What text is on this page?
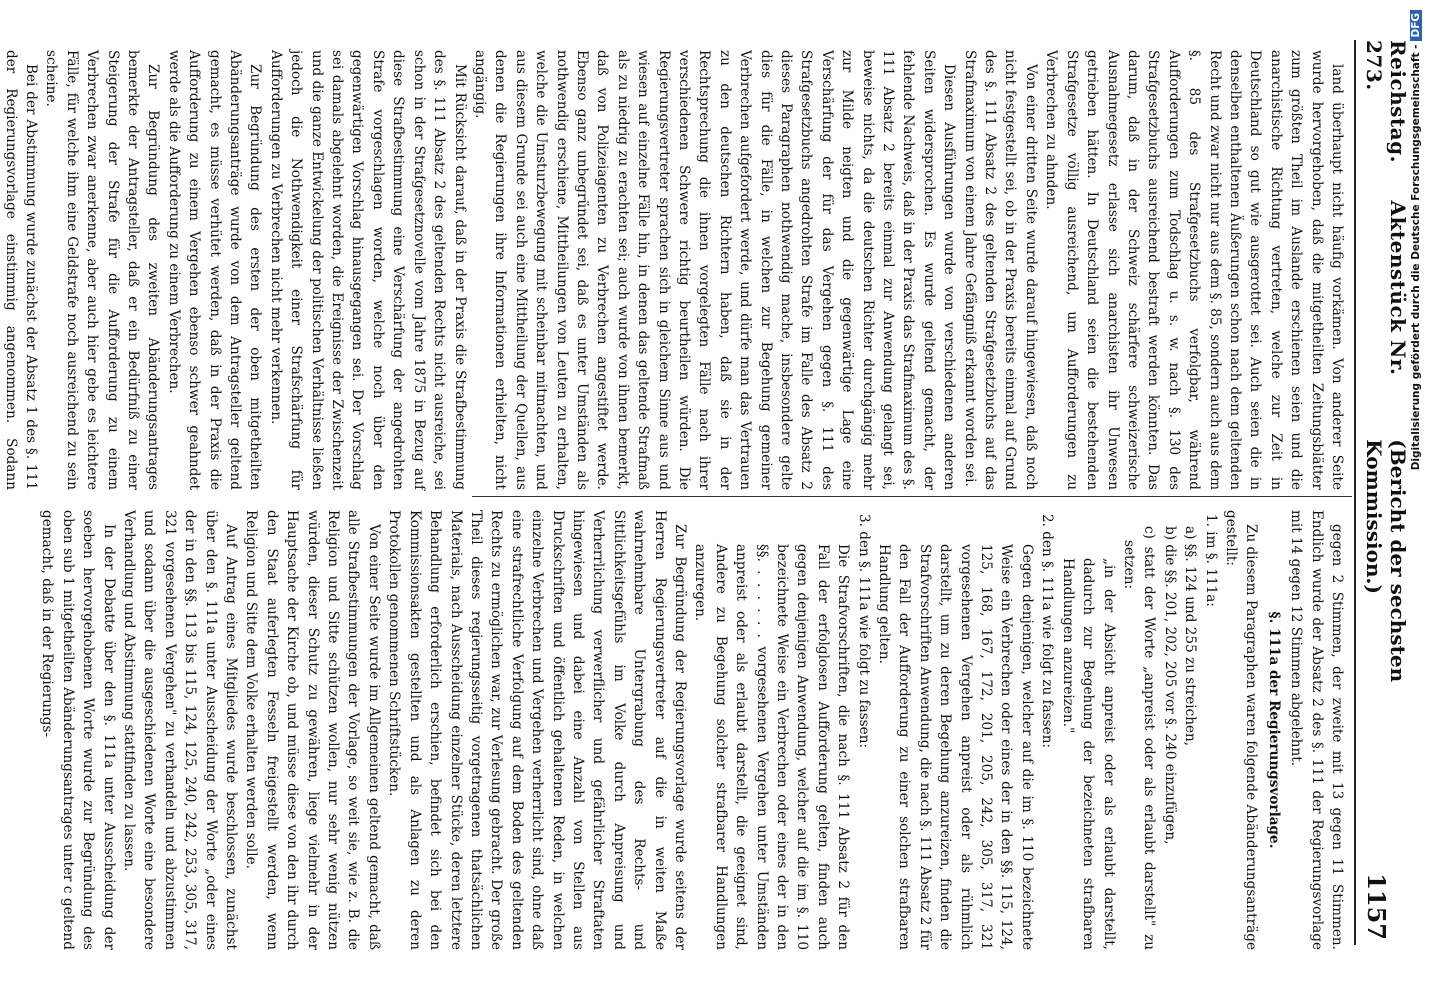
Reichstag. Aktenstück Nr. 273.
(Bericht der sechsten Kommission.)
1157

land überhaupt nicht häufig vorkämen. Von anderer Seite wurde hervorgehoben, daß die mitgetheilten Zeitungsblätter zum größten Theil im Auslande erschienen seien und die anarchistische Richtung vertreten, welche zur Zeit in Deutschland so gut wie ausgerottet sei. Auch seien die in denselben enthaltenen Äußerungen schon nach dem geltenden Recht und zwar nicht nur aus dem §. 85, sondern auch aus dem §. 85 des Strafgesetzbuchs verfolgbar, während Aufforderungen zum Todschlag u. s. w. nach §. 130 des Strafgesetzbuchs ausreichend bestraft werden könnten. Das darum, daß in der Schweiz schärfere schweizerische Ausnahmegesetz erlasse sich anarchisten ihr Unwesen getrieben hätten. In Deutschland seien die bestehenden Strafgesetze völlig ausreichend, um Aufforderungen zu Verbrechen zu ahnden.

Von einer dritten Seite wurde darauf hingewiesen, daß noch nicht festgestellt sei, ob in der Praxis bereits einmal auf Grund des §. 111 Absatz 2 des geltenden Strafgesetzbuchs auf das Strafmaximum von einem Jahre Gefängniß erkannt worden sei.

Diesen Ausführungen wurde von verschiedenen anderen Seiten widersprochen. Es wurde geltend gemacht, der fehlende Nachweis, daß in der Praxis das Strafmaximum des §. 111 Absatz 2 bereits einmal zur Anwendung gelangt sei, beweise nichts, da die deutschen Richter durchgängig mehr zur Milde neigten und die gegenwärtige Lage eine Verschärfung der für das Vergehen gegen §. 111 des Strafgesetzbuchs angedrohten Strafe im Falle des Absatz 2 dieses Paragraphen nothwendig mache, insbesondere gelte dies für die Fälle, in welchen zur Begehung gemeiner Verbrechen aufgefordert werde, und dürfe man das Vertrauen zu den deutschen Richtern haben, daß sie in der Rechtsprechung die ihnen vorgelegten Fälle nach ihrer verschiedenen Schwere richtig beurtheilen würden. Die Regierungsvertreter sprachen sich in gleichem Sinne aus und wiesen auf einzelne Fälle hin, in denen das geltende Strafmaß als zu niedrig zu erachten sei; auch wurde von ihnen bemerkt, daß von Polizeiagenten zu Verbrechen angestiftet werde. Ebenso ganz unbegründet sei, daß es unter Umständen als nothwendig erschiene, Mittheilungen von Leuten zu erhalten, welche die Umsturzbewegung mit scheinbar mitmachten, und aus diesem Grunde sei auch eine Mittheilung der Quellen, aus denen die Regierungen ihre Informationen erhielten, nicht angängig.

Mit Rücksicht darauf, daß in der Praxis die Strafbestimmung des §. 111 Absatz 2 des geltenden Rechts nicht ausreiche, sei schon in der Strafgesetznovelle vom Jahre 1875 in Bezug auf diese Strafbestimmung eine Verschärfung der angedrohten Strafe vorgeschlagen worden, welche noch über den gegenwärtigen Vorschlag hinausgegangen sei. Der Vorschlag sei damals abgelehnt worden, die Ereignisse der Zwischenzeit und die ganze Entwickelung der politischen Verhältnisse ließen jedoch die Nothwendigkeit einer Strafschärfung für Aufforderungen zu Verbrechen nicht mehr verkennen.

Zur Begründung des ersten der oben mitgetheilten Abänderungsanträge wurde von dem Antragsteller geltend gemacht, es müsse verhütet werden, daß in der Praxis die Aufforderung zu einem Vergehen ebenso schwer geahndet werde als die Aufforderung zu einem Verbrechen.

Zur Begründung des zweiten Abänderungsantrages bemerkte der Antragsteller, daß er ein Bedürfniß zu einer Steigerung der Strafe für die Aufforderung zu einem Verbrechen zwar anerkenne, aber auch hier gebe es leichtere Fälle, für welche ihm eine Geldstrafe noch ausreichend zu sein scheine.

Bei der Abstimmung wurde zunächst der Absatz 1 des §. 111 der Regierungsvorlage einstimmig angenommen. Sodann

gegen 2 Stimmen, der zweite mit 13 gegen 11 Stimmen. Endlich wurde der Absatz 2 des §. 111 der Regierungsvorlage mit 14 gegen 12 Stimmen abgelehnt.

§. 111a der Regierungsvorlage.

Zu diesem Paragraphen waren folgende Abänderungsanträge gestellt:

1. im §. 111a:

a) §§. 124 und 255 zu streichen,

b) die §§. 201, 202, 205 vor §. 240 einzufügen,

c) statt der Worte „anpreist oder als erlaubt darstellt" zu setzen:

„in der Absicht anpreist oder als erlaubt darstellt, dadurch zur Begehung der bezeichneten strafbaren Handlungen anzureizen."

2. den §. 111a wie folgt zu fassen:

Gegen denjenigen, welcher auf die im §. 110 bezeichnete Weise ein Verbrechen oder eines der in den §§. 115, 124, 125, 168, 167, 172, 201, 205, 242, 305, 317, 321 vorgesehenen Vergehen anpreist oder als rühmlich darstellt, um zu deren Begehung anzureizen, finden die Strafvorschriften Anwendung, die nach §. 111 Absatz 2 für den Fall der Aufforderung zu einer solchen strafbaren Handlung gelten.

3. den §. 111a wie folgt zu fassen:

Die Strafvorschriften, die nach §. 111 Absatz 2 für den Fall der erfolglosen Aufforderung gelten, finden auch gegen denjenigen Anwendung, welcher auf die im §. 110 bezeichnete Weise ein Verbrechen oder eines der in den §§. . . . . . . vorgesehenen Vergehen unter Umständen anpreist oder als erlaubt darstellt, die geeignet sind, Andere zu Begehung solcher strafbarer Handlungen anzuregen.

Zur Begründung der Regierungsvorlage wurde seitens der Herren Regierungsvertreter auf die in weiten Maße wahrnehmbare Untergrabung des Rechts- und Sittlichkeitsgefühls im Volke durch Anpreisung und Verherrlichung verwerflicher und gefährlicher Straftaten hingewiesen und dabei eine Anzahl von Stellen aus Druckschriften und öffentlich gehaltenen Reden, in welchen einzelne Verbrechen und Vergehen verherrlicht sind, ohne daß eine strafrechtliche Verfolgung auf dem Boden des geltenden Rechts zu ermöglichen war, zur Verlesung gebracht. Der große Theil dieses regierungsseitig vorgetragenen thatsächlichen Materials, nach Ausscheidung einzelner Stücke, deren letztere Behandlung erforderlich erschien, befindet sich bei den Kommissionsakten gestellten und als Anlagen zu deren Protokollen genommenen Schriftstücken.

Von einer Seite wurde im Allgemeinen geltend gemacht, daß alle Strafbestimmungen der Vorlage, so weit sie, wie z. B. die Religion und Sitte schützen wollen, nur sehr wenig nützen würden, dieser Schutz zu gewähren, liege vielmehr in der Hauptsache der Kirche ob, und müsse diese von den ihr durch den Staat auferlegten Fesseln freigestellt werden, wenn Religion und Sitte dem Volke erhalten werden solle.

Auf Antrag eines Mitgliedes wurde beschlossen, zunächst über den §. 111a unter Ausscheidung der Worte „oder eines der in den §§. 113 bis 115, 124, 125, 240, 242, 253, 305, 317, 321 vorgesehenen Vergehen" zu verhandeln und abzustimmen und sodann über die ausgeschiedenen Worte eine besondere Verhandlung und Abstimmung stattfinden zu lassen.

In der Debatte über den §. 111a unter Ausscheidung der soeben hervorgehobenen Worte wurde zur Begründung des oben sub 1 mitgetheilten Abänderungsantrages unter c geltend gemacht, daß in der Regierungs-

Digitalisierung gefördert durch die Deutsche Forschungsgemeinschaft -
DFG
